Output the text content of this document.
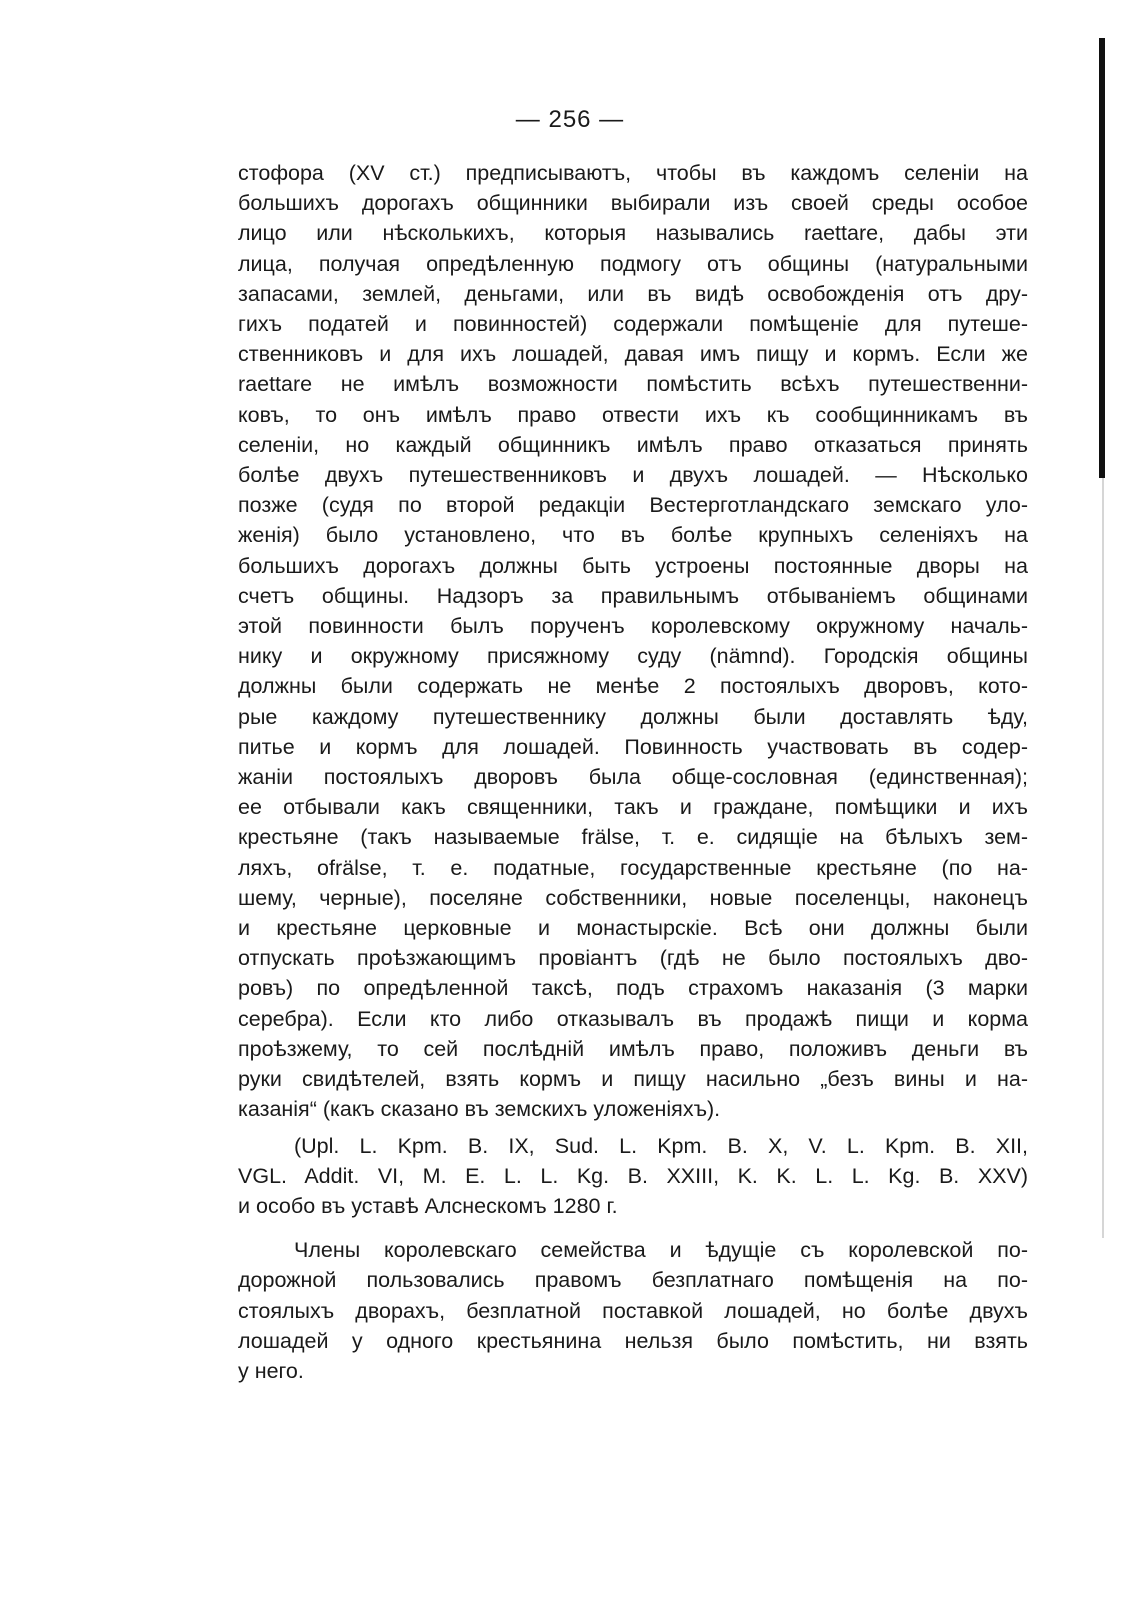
— 256 —
стофора (XV ст.) предписываютъ, чтобы въ каждомъ селеніи на
большихъ дорогахъ общинники выбирали изъ своей среды особое
лицо или нѣсколькихъ, которыя назывались raettare, дабы эти
лица, получая опредѣленную подмогу отъ общины (натуральными
запасами, землей, деньгами, или въ видѣ освобожденія отъ дру-
гихъ податей и повинностей) содержали помѣщеніе для путеше-
ственниковъ и для ихъ лошадей, давая имъ пищу и кормъ. Если же
raettare не имѣлъ возможности помѣстить всѣхъ путешественни-
ковъ, то онъ имѣлъ право отвести ихъ къ сообщинникамъ въ
селеніи, но каждый общинникъ имѣлъ право отказаться принять
болѣе двухъ путешественниковъ и двухъ лошадей. — Нѣсколько
позже (судя по второй редакціи Вестерготландскаго земскаго уло-
женія) было установлено, что въ болѣе крупныхъ селеніяхъ на
большихъ дорогахъ должны быть устроены постоянные дворы на
счетъ общины. Надзоръ за правильнымъ отбываніемъ общинами
этой повинности былъ порученъ королевскому окружному началь-
нику и окружному присяжному суду (nämnd). Городскія общины
должны были содержать не менѣе 2 постоялыхъ дворовъ, кото-
рые каждому путешественнику должны были доставлять ѣду,
питье и кормъ для лошадей. Повинность участвовать въ содер-
жаніи постоялыхъ дворовъ была обще-сословная (единственная);
ее отбывали какъ священники, такъ и граждане, помѣщики и ихъ
крестьяне (такъ называемые frälse, т. е. сидящіе на бѣлыхъ зем-
ляхъ, ofrälse, т. е. податные, государственные крестьяне (по на-
шему, черные), поселяне собственники, новые поселенцы, наконецъ
и крестьяне церковные и монастырскіе. Всѣ они должны были
отпускать проѣзжающимъ провіантъ (гдѣ не было постоялыхъ дво-
ровъ) по опредѣленной таксѣ, подъ страхомъ наказанія (3 марки
серебра). Если кто либо отказывалъ въ продажѣ пищи и корма
проѣзжему, то сей послѣдній имѣлъ право, положивъ деньги въ
руки свидѣтелей, взять кормъ и пищу насильно „безъ вины и на-
казанія“ (какъ сказано въ земскихъ уложеніяхъ).
(Upl. L. Kpm. B. IX, Sud. L. Kpm. B. X, V. L. Kpm. B. XII,
VGL. Addit. VI, M. E. L. L. Kg. B. XXIII, K. K. L. L. Kg. B. XXV)
и особо въ уставѣ Алснескомъ 1280 г.
Члены королевскаго семейства и ѣдущіе съ королевской по-
дорожной пользовались правомъ безплатнаго помѣщенія на по-
стоялыхъ дворахъ, безплатной поставкой лошадей, но болѣе двухъ
лошадей у одного крестьянина нельзя было помѣстить, ни взять
у него.
